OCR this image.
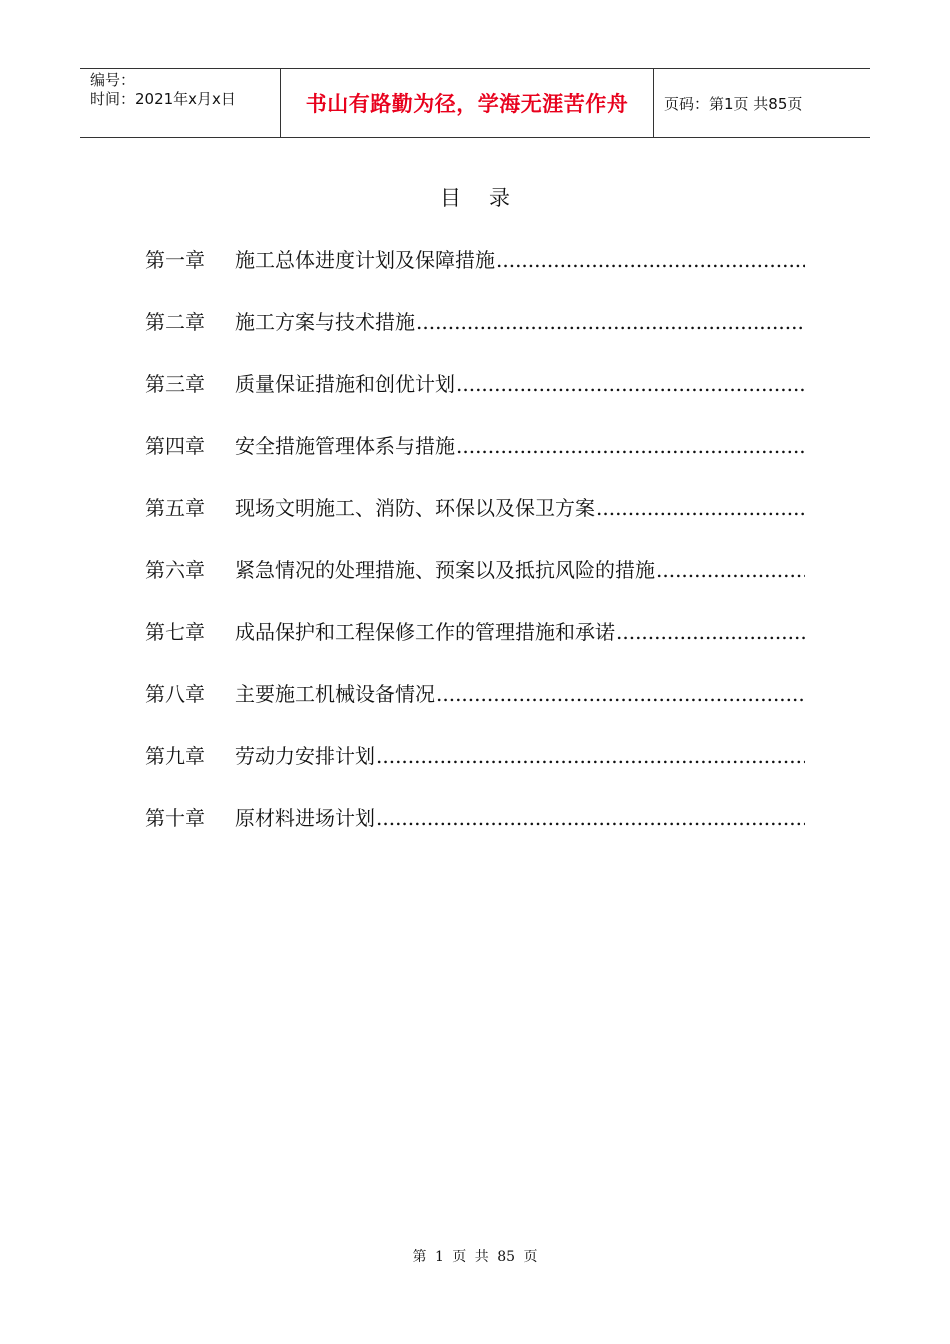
编号：
时间：2021年x月x日	书山有路勤为径，学海无涯苦作舟	页码：第1页 共85页
目 录
第一章	施工总体进度计划及保障措施
.....
第二章	施工方案与技术措施
.....
第三章	质量保证措施和创优计划
.....
第四章	安全措施管理体系与措施
.....
第五章	现场文明施工、消防、环保以及保卫方案
.....
第六章	紧急情况的处理措施、预案以及抵抗风险的措施
.....
第七章	成品保护和工程保修工作的管理措施和承诺
.....
第八章	主要施工机械设备情况
.....
第九章	劳动力安排计划
.....
第十章	原材料进场计划
.....
第 1 页 共 85 页
